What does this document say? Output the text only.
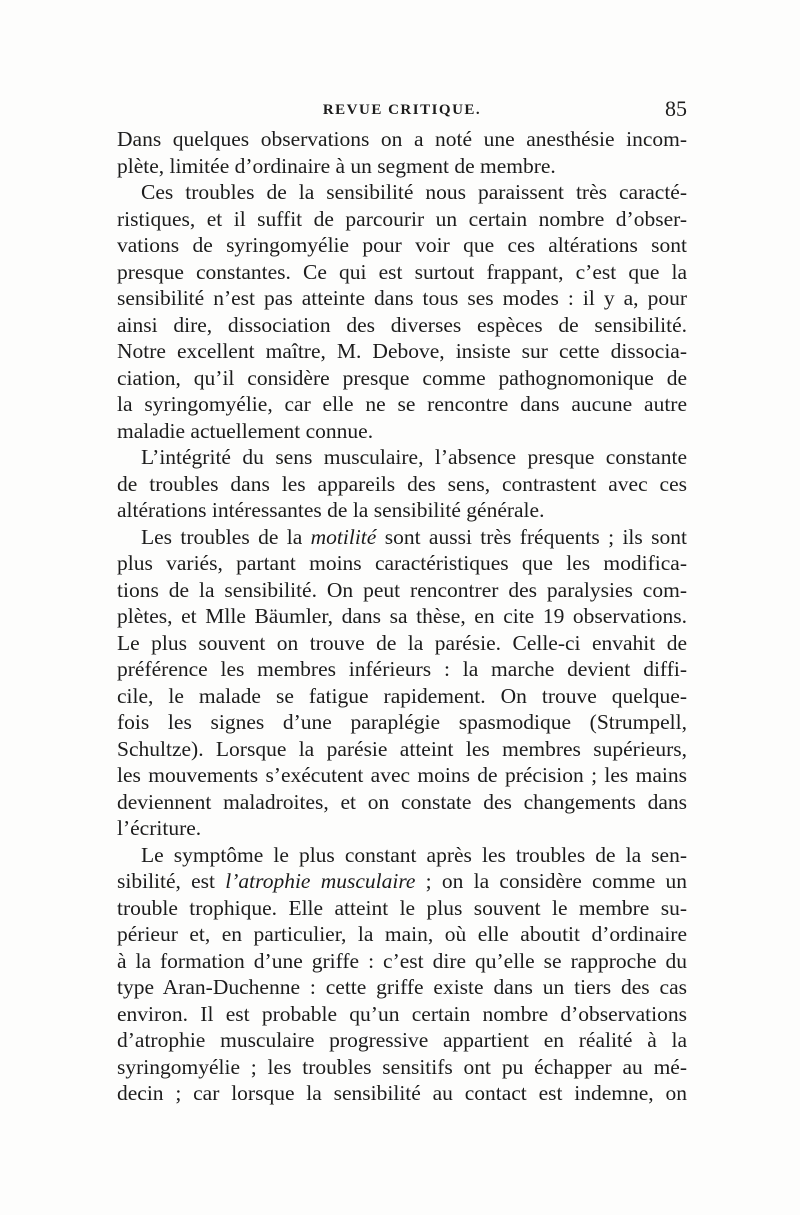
REVUE CRITIQUE.	85
Dans quelques observations on a noté une anesthésie incom-
plète, limitée d’ordinaire à un segment de membre.
Ces troubles de la sensibilité nous paraissent très caracté-
ristiques, et il suffit de parcourir un certain nombre d’obser-
vations de syringomyélie pour voir que ces altérations sont
presque constantes. Ce qui est surtout frappant, c’est que la
sensibilité n’est pas atteinte dans tous ses modes : il y a, pour
ainsi dire, dissociation des diverses espèces de sensibilité.
Notre excellent maître, M. Debove, insiste sur cette dissocia-
ciation, qu’il considère presque comme pathognomonique de
la syringomyélie, car elle ne se rencontre dans aucune autre
maladie actuellement connue.
L’intégrité du sens musculaire, l’absence presque constante
de troubles dans les appareils des sens, contrastent avec ces
altérations intéressantes de la sensibilité générale.
Les troubles de la motilité sont aussi très fréquents ; ils sont
plus variés, partant moins caractéristiques que les modifica-
tions de la sensibilité. On peut rencontrer des paralysies com-
plètes, et Mlle Bäumler, dans sa thèse, en cite 19 observations.
Le plus souvent on trouve de la parésie. Celle-ci envahit de
préférence les membres inférieurs : la marche devient diffi-
cile, le malade se fatigue rapidement. On trouve quelque-
fois les signes d’une paraplégie spasmodique (Strumpell,
Schultze). Lorsque la parésie atteint les membres supérieurs,
les mouvements s’exécutent avec moins de précision ; les mains
deviennent maladroites, et on constate des changements dans
l’écriture.
Le symptôme le plus constant après les troubles de la sen-
sibilité, est l’atrophie musculaire ; on la considère comme un
trouble trophique. Elle atteint le plus souvent le membre su-
périeur et, en particulier, la main, où elle aboutit d’ordinaire
à la formation d’une griffe : c’est dire qu’elle se rapproche du
type Aran-Duchenne : cette griffe existe dans un tiers des cas
environ. Il est probable qu’un certain nombre d’observations
d’atrophie musculaire progressive appartient en réalité à la
syringomyélie ; les troubles sensitifs ont pu échapper au mé-
decin ; car lorsque la sensibilité au contact est indemne, on
